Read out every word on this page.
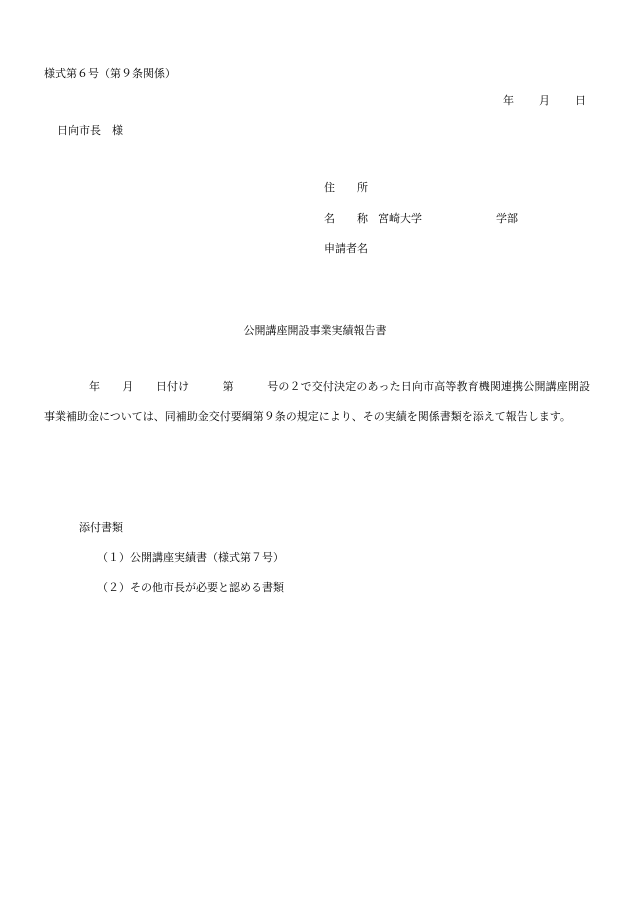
様式第６号（第９条関係）
年 月 日
日向市長　様
住　　所
名　　称 宮崎大学	学部
申請者名
公開講座開設事業実績報告書
年　　月　　日付け　　　第　　　号の２で交付決定のあった日向市高等教育機関連携公開講座開設事業補助金については、同補助金交付要綱第９条の規定により、その実績を関係書類を添えて報告します。
添付書類
（１）公開講座実績書（様式第７号）
（２）その他市長が必要と認める書類
